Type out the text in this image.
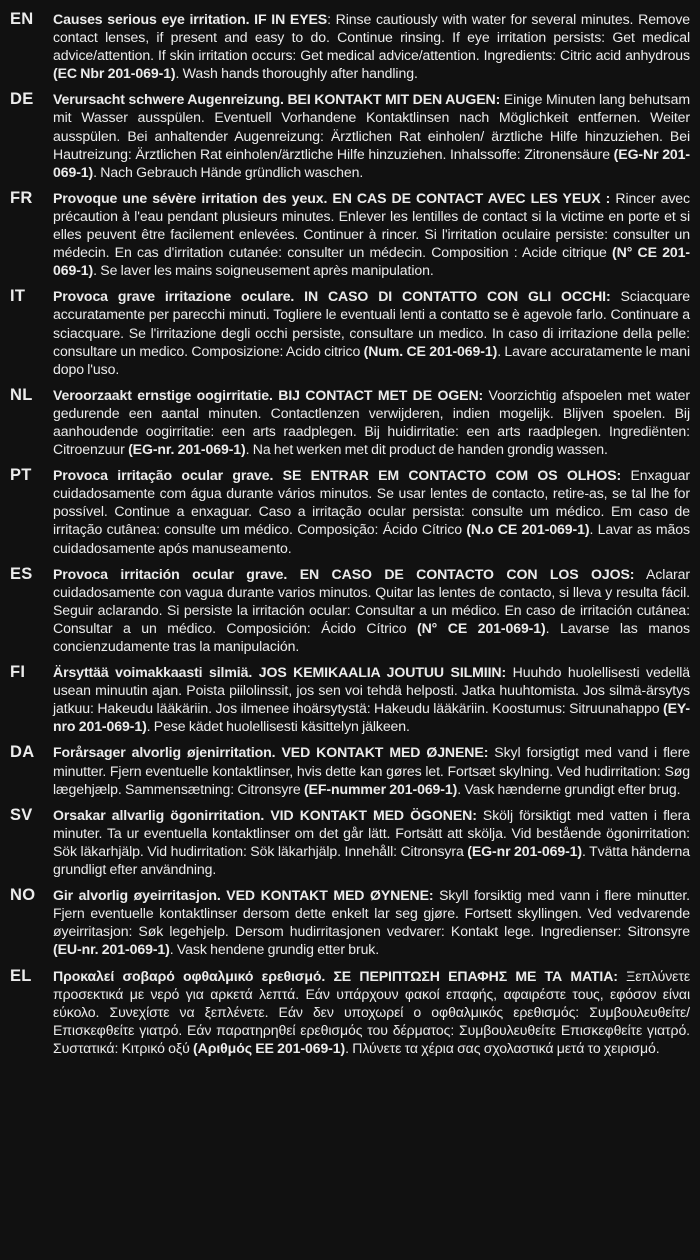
EN	Causes serious eye irritation. IF IN EYES: Rinse cautiously with water for several minutes. Remove contact lenses, if present and easy to do. Continue rinsing. If eye irritation persists: Get medical advice/attention. If skin irritation occurs: Get medical advice/attention. Ingredients: Citric acid anhydrous (EC Nbr 201-069-1). Wash hands thoroughly after handling.
DE	Verursacht schwere Augenreizung. BEI KONTAKT MIT DEN AUGEN: Einige Minuten lang behutsam mit Wasser ausspülen. Eventuell Vorhandene Kontaktlinsen nach Möglichkeit entfernen. Weiter ausspülen. Bei anhaltender Augenreizung: Ärztlichen Rat einholen/ ärztliche Hilfe hinzuziehen. Bei Hautreizung: Ärztlichen Rat einholen/ärztliche Hilfe hinzuziehen. Inhalssoffe: Zitronensäure (EG-Nr 201-069-1). Nach Gebrauch Hände gründlich waschen.
FR	Provoque une sévère irritation des yeux. EN CAS DE CONTACT AVEC LES YEUX : Rincer avec précaution à l'eau pendant plusieurs minutes. Enlever les lentilles de contact si la victime en porte et si elles peuvent être facilement enlevées. Continuer à rincer. Si l'irritation oculaire persiste: consulter un médecin. En cas d'irritation cutanée: consulter un médecin. Composition : Acide citrique (N° CE 201-069-1). Se laver les mains soigneusement après manipulation.
IT	Provoca grave irritazione oculare. IN CASO DI CONTATTO CON GLI OCCHI: Sciacquare accuratamente per parecchi minuti. Togliere le eventuali lenti a contatto se è agevole farlo. Continuare a sciacquare. Se l'irritazione degli occhi persiste, consultare un medico. In caso di irritazione della pelle: consultare un medico. Composizione: Acido citrico (Num. CE 201-069-1). Lavare accuratamente le mani dopo l'uso.
NL	Veroorzaakt ernstige oogirritatie. BIJ CONTACT MET DE OGEN: Voorzichtig afspoelen met water gedurende een aantal minuten. Contactlenzen verwijderen, indien mogelijk. Blijven spoelen. Bij aanhoudende oogirritatie: een arts raadplegen. Bij huidirritatie: een arts raadplegen. Ingrediënten: Citroenzuur (EG-nr. 201-069-1). Na het werken met dit product de handen grondig wassen.
PT	Provoca irritação ocular grave. SE ENTRAR EM CONTACTO COM OS OLHOS: Enxaguar cuidadosamente com água durante vários minutos. Se usar lentes de contacto, retire-as, se tal lhe for possível. Continue a enxaguar. Caso a irritação ocular persista: consulte um médico. Em caso de irritação cutânea: consulte um médico. Composição: Ácido Cítrico (N.o CE 201-069-1). Lavar as mãos cuidadosamente após manuseamento.
ES	Provoca irritación ocular grave. EN CASO DE CONTACTO CON LOS OJOS: Aclarar cuidadosamente con vagua durante varios minutos. Quitar las lentes de contacto, si lleva y resulta fácil. Seguir aclarando. Si persiste la irritación ocular: Consultar a un médico. En caso de irritación cutánea: Consultar a un médico. Composición: Ácido Cítrico (N° CE 201-069-1). Lavarse las manos concienzudamente tras la manipulación.
FI	Ärsyttää voimakkaasti silmiä. JOS KEMIKAALIA JOUTUU SILMIIN: Huuhdo huolellisesti vedellä usean minuutin ajan. Poista piilolinssit, jos sen voi tehdä helposti. Jatka huuhtomista. Jos silmä-ärsytys jatkuu: Hakeudu lääkäriin. Jos ilmenee ihoärsytystä: Hakeudu lääkäriin. Koostumus: Sitruunahappo (EY-nro 201-069-1). Pese kädet huolellisesti käsittelyn jälkeen.
DA	Forårsager alvorlig øjenirritation. VED KONTAKT MED ØJNENE: Skyl forsigtigt med vand i flere minutter. Fjern eventuelle kontaktlinser, hvis dette kan gøres let. Fortsæt skylning. Ved hudirritation: Søg lægehjælp. Sammensætning: Citronsyre (EF-nummer 201-069-1). Vask hænderne grundigt efter brug.
SV	Orsakar allvarlig ögonirritation. VID KONTAKT MED ÖGONEN: Skölj försiktigt med vatten i flera minuter. Ta ur eventuella kontaktlinser om det går lätt. Fortsätt att skölja. Vid bestående ögonirritation: Sök läkarhjälp. Vid hudirritation: Sök läkarhjälp. Innehåll: Citronsyra (EG-nr 201-069-1). Tvätta händerna grundligt efter användning.
NO	Gir alvorlig øyeirritasjon. VED KONTAKT MED ØYNENE: Skyll forsiktig med vann i flere minutter. Fjern eventuelle kontaktlinser dersom dette enkelt lar seg gjøre. Fortsett skyllingen. Ved vedvarende øyeirritasjon: Søk legehjelp. Dersom hudirritasjonen vedvarer: Kontakt lege. Ingredienser: Sitronsyre (EU-nr. 201-069-1). Vask hendene grundig etter bruk.
EL	Προκαλεί σοβαρό οφθαλμικό ερεθισμό. ΣΕ ΠΕΡΙΠΤΩΣΗ ΕΠΑΦΗΣ ΜΕ ΤΑ ΜΑΤΙΑ: Ξεπλύνετε προσεκτικά με νερό για αρκετά λεπτά. Εάν υπάρχουν φακοί επαφής, αφαιρέστε τους, εφόσον είναι εύκολο. Συνεχίστε να ξεπλένετε. Εάν δεν υποχωρεί ο οφθαλμικός ερεθισμός: Συμβουλευθείτε/Επισκεφθείτε γιατρό. Εάν παρατηρηθεί ερεθισμός του δέρματος: Συμβουλευθείτε Επισκεφθείτε γιατρό. Συστατικά: Κιτρικό οξύ (Αριθμός ΕΕ 201-069-1). Πλύνετε τα χέρια σας σχολαστικά μετά το χειρισμό.
